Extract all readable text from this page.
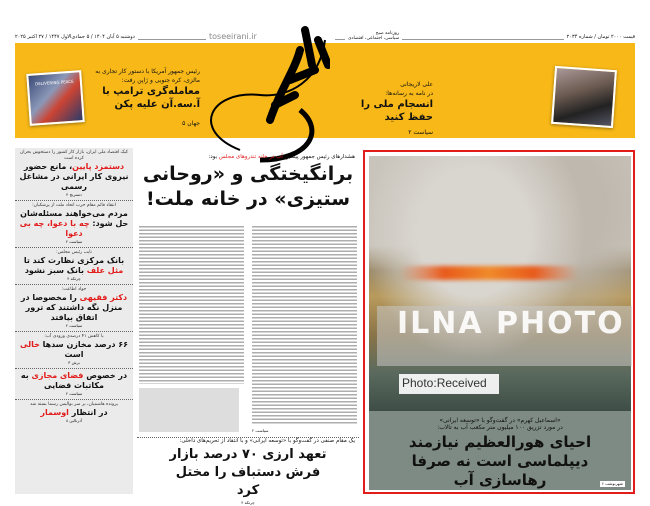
دوشنبه ۵ آبان ۱۴۰۴ / ۵ جمادی‌الاول ۱۴۴۷ / ۲۷ اکتبر ۲۰۲۵	toseeirani.ir	روزنامه صبح
سیاسی، اجتماعی، اقتصادی	قیمت ۲۰۰۰ تومان / شماره ۲۰۳۴
DELIVERING PEACE
رئیس جمهور آمریکا با دستور کار تجاری به مالزی، کره جنوبی و ژاپن رفت:
معامله‌گری ترامپ با آ.سه.آن علیه پکن
جهان ۵
علی لاریجانی
در نامه به رسانه‌ها:
انسجام ملی را حفظ کنید
سیاست ۲
کیک اقتصاد ملی ایران، بازار کار کشور را دستخوش بحران کرده است
دستمزد پایین، مانع حضور نیروی کار ایرانی در مشاغل رسمی
دسترنج ۴
انتقاد قائم مقام حزب اتحاد ملت از پزشکیان:
مردم می‌خواهند مسئله‌شان حل شود: چه با دعوا، چه بی دعوا
سیاست ۲
نایب رئیس مجلس:
بانک مرکزی نظارت کند تا مثل علف بانک سبز نشود
چرتکه ۴
جواد اطاعت:
دکتر فقیهی را مخصوصا در منزل نگه داشتند که ترور اتفاق بیافتد
سیاست ۲
با کاهش ۴۱ درصدی ورودی آب:
۶۶ درصد مخازن سدها خالی است
برش ۳
در خصوص فضای مجازی به مکاتبات قضایی
سیاست ۲
پرونده هاشمیان، بر سر بوالیس رسما بسته شد
در انتظار اوسمار
آدرنالین ۸
هشدارهای رئیس جمهور پیشین آب در خانه تندروهای مجلس بود:
برانگیختگی و «روحانی ستیزی» در خانه ملت!
سیاست ۲
یک مقام صنفی در گفت‌وگو با «توسعه ایرانی» و با انتقاد از تحریم‌های داخلی:
تعهد ارزی ۷۰ درصد بازار فرش دستباف را مختل کرد
چرتکه ۴
ILNA PHOTO
Photo:Received
«اسماعیل کهرم» در گفت‌وگو با «توسعه ایرانی»
در مورد تزریق ۱۰۰ میلیون متر مکعب آب به تالاب:
احیای هورالعظیم نیازمند دیپلماسی است نه صرفا رهاسازی آب	شهرنوشت ۶
